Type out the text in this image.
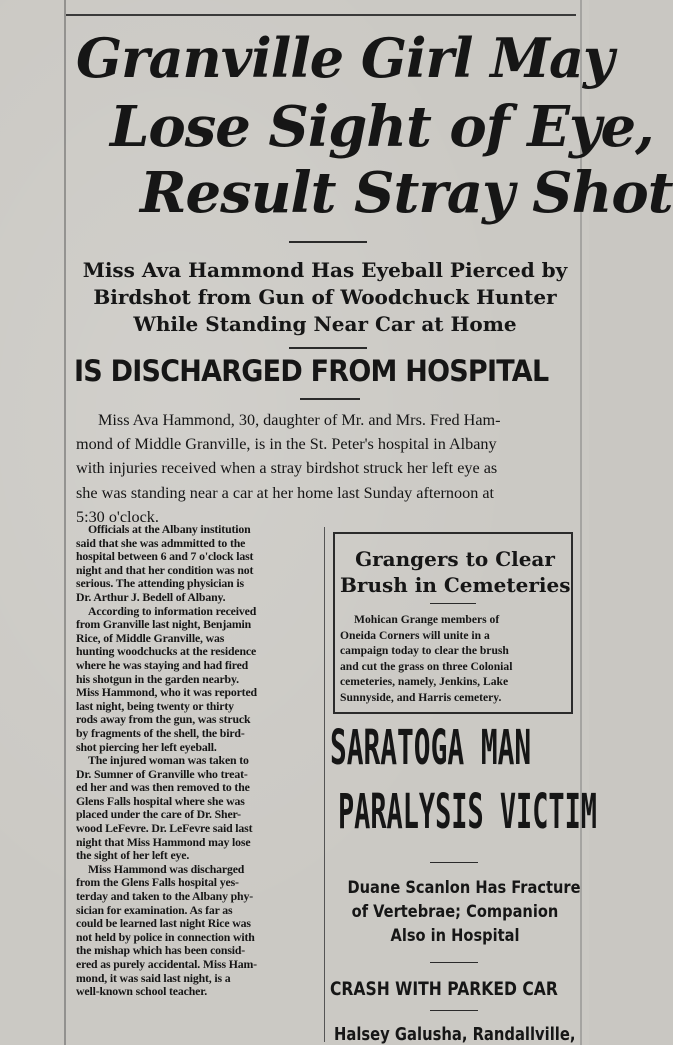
Granville Girl May
Lose Sight of Eye,
Result Stray Shot
Miss Ava Hammond Has Eyeball Pierced by
Birdshot from Gun of Woodchuck Hunter
While Standing Near Car at Home
IS DISCHARGED FROM HOSPITAL
Miss Ava Hammond, 30, daughter of Mr. and Mrs. Fred Ham-
mond of Middle Granville, is in the St. Peter's hospital in Albany
with injuries received when a stray birdshot struck her left eye as
she was standing near a car at her home last Sunday afternoon at
5:30 o'clock.
Officials at the Albany institution
said that she was admmitted to the
hospital between 6 and 7 o'clock last
night and that her condition was not
serious. The attending physician is
Dr. Arthur J. Bedell of Albany.
According to information received
from Granville last night, Benjamin
Rice, of Middle Granville, was
hunting woodchucks at the residence
where he was staying and had fired
his shotgun in the garden nearby.
Miss Hammond, who it was reported
last night, being twenty or thirty
rods away from the gun, was struck
by fragments of the shell, the bird-
shot piercing her left eyeball.
The injured woman was taken to
Dr. Sumner of Granville who treat-
ed her and was then removed to the
Glens Falls hospital where she was
placed under the care of Dr. Sher-
wood LeFevre. Dr. LeFevre said last
night that Miss Hammond may lose
the sight of her left eye.
Miss Hammond was discharged
from the Glens Falls hospital yes-
terday and taken to the Albany phy-
sician for examination. As far as
could be learned last night Rice was
not held by police in connection with
the mishap which has been consid-
ered as purely accidental. Miss Ham-
mond, it was said last night, is a
well-known school teacher.
Grangers to Clear
Brush in Cemeteries
Mohican Grange members of
Oneida Corners will unite in a
campaign today to clear the brush
and cut the grass on three Colonial
cemeteries, namely, Jenkins, Lake
Sunnyside, and Harris cemetery.
SARATOGA MAN
PARALYSIS VICTIM
Duane Scanlon Has Fracture
of Vertebrae; Companion
Also in Hospital
CRASH WITH PARKED CAR
Halsey Galusha, Randallville,
